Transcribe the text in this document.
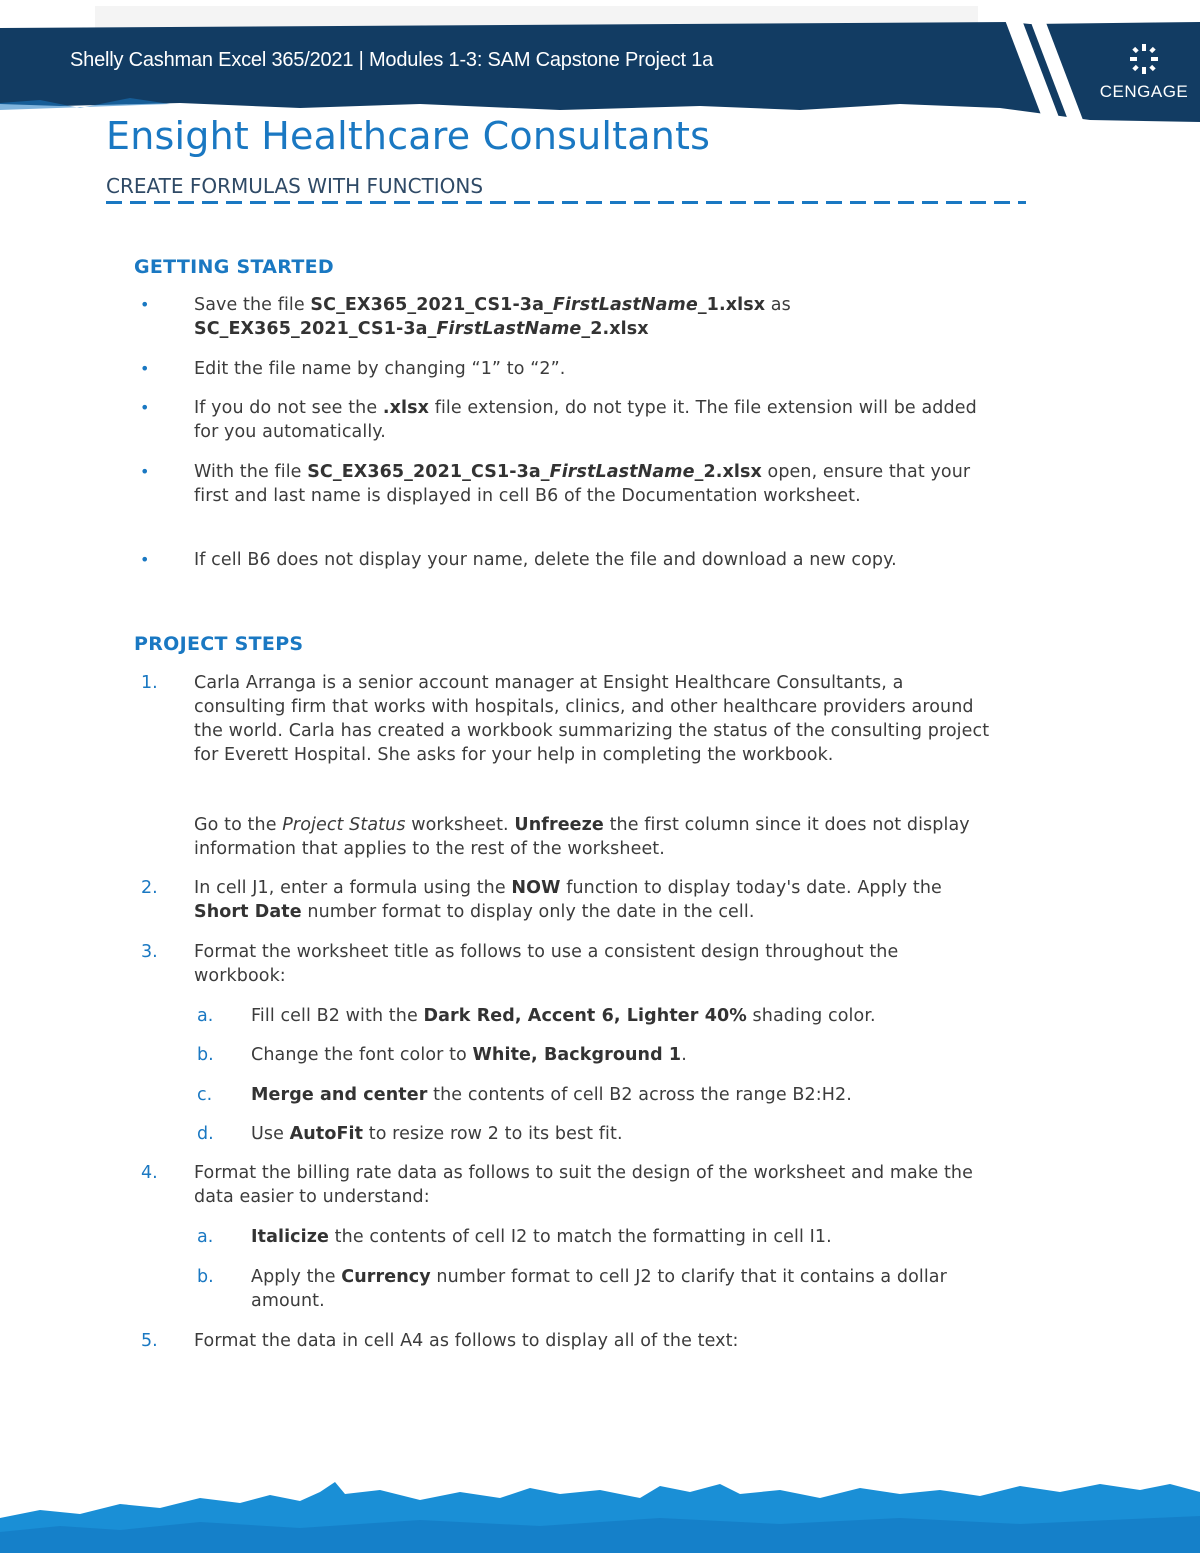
Shelly Cashman Excel 365/2021 | Modules 1-3: SAM Capstone Project 1a
CENGAGE
Ensight Healthcare Consultants
CREATE FORMULAS WITH FUNCTIONS
GETTING STARTED
•	Save the file SC_EX365_2021_CS1-3a_FirstLastName_1.xlsx as
SC_EX365_2021_CS1-3a_FirstLastName_2.xlsx
•	Edit the file name by changing “1” to “2”.
•	If you do not see the .xlsx file extension, do not type it. The file extension will be added for you automatically.
•	With the file SC_EX365_2021_CS1-3a_FirstLastName_2.xlsx open, ensure that your first and last name is displayed in cell B6 of the Documentation worksheet.
•	If cell B6 does not display your name, delete the file and download a new copy.
PROJECT STEPS
1. Carla Arranga is a senior account manager at Ensight Healthcare Consultants, a consulting firm that works with hospitals, clinics, and other healthcare providers around the world. Carla has created a workbook summarizing the status of the consulting project for Everett Hospital. She asks for your help in completing the workbook.
Go to the Project Status worksheet. Unfreeze the first column since it does not display information that applies to the rest of the worksheet.
2. In cell J1, enter a formula using the NOW function to display today's date. Apply the Short Date number format to display only the date in the cell.
3. Format the worksheet title as follows to use a consistent design throughout the workbook:
a. Fill cell B2 with the Dark Red, Accent 6, Lighter 40% shading color.
b. Change the font color to White, Background 1.
c. Merge and center the contents of cell B2 across the range B2:H2.
d. Use AutoFit to resize row 2 to its best fit.
4. Format the billing rate data as follows to suit the design of the worksheet and make the data easier to understand:
a. Italicize the contents of cell I2 to match the formatting in cell I1.
b. Apply the Currency number format to cell J2 to clarify that it contains a dollar amount.
5. Format the data in cell A4 as follows to display all of the text:
